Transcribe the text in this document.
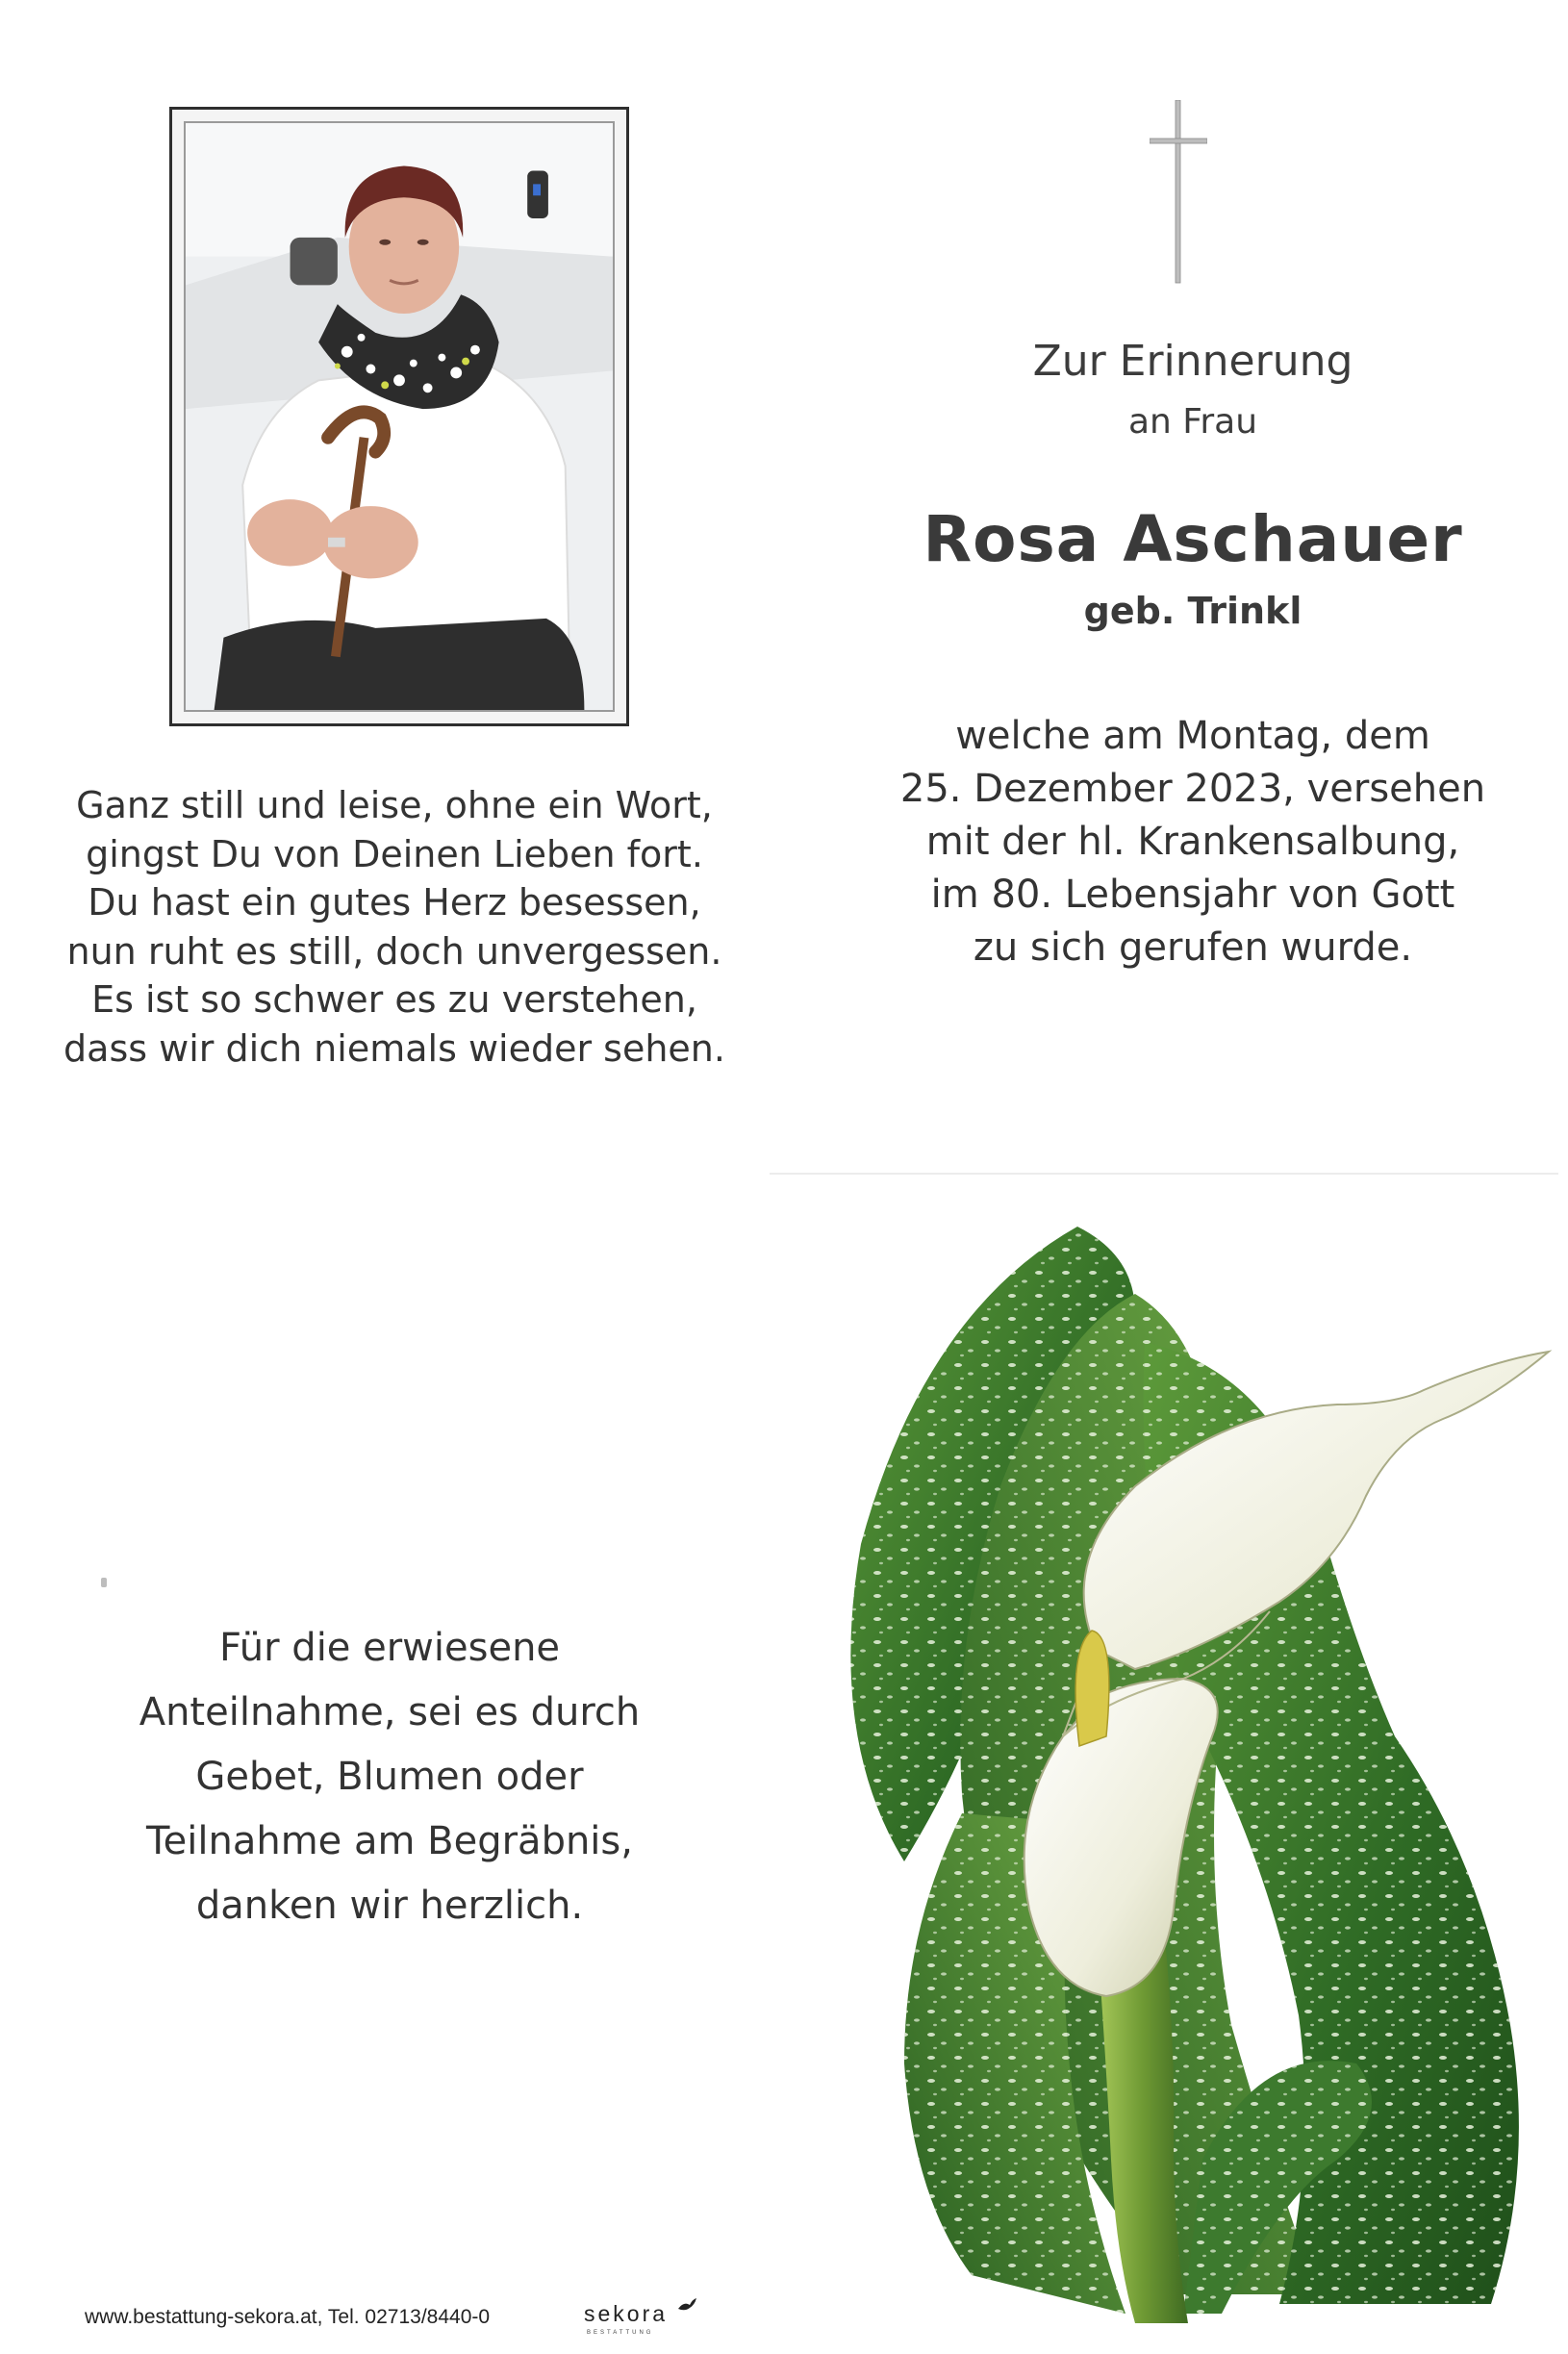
Ganz still und leise, ohne ein Wort,
gingst Du von Deinen Lieben fort.
Du hast ein gutes Herz besessen,
nun ruht es still, doch unvergessen.
Es ist so schwer es zu verstehen,
dass wir dich niemals wieder sehen.
Zur Erinnerung
an Frau
Rosa Aschauer
geb. Trinkl
welche am Montag, dem
25. Dezember 2023, versehen
mit der hl. Krankensalbung,
im 80. Lebensjahr von Gott
zu sich gerufen wurde.
Für die erwiesene
Anteilnahme, sei es durch
Gebet, Blumen oder
Teilnahme am Begräbnis,
danken wir herzlich.
www.bestattung-sekora.at, Tel. 02713/8440-0	sekora
BESTATTUNG
